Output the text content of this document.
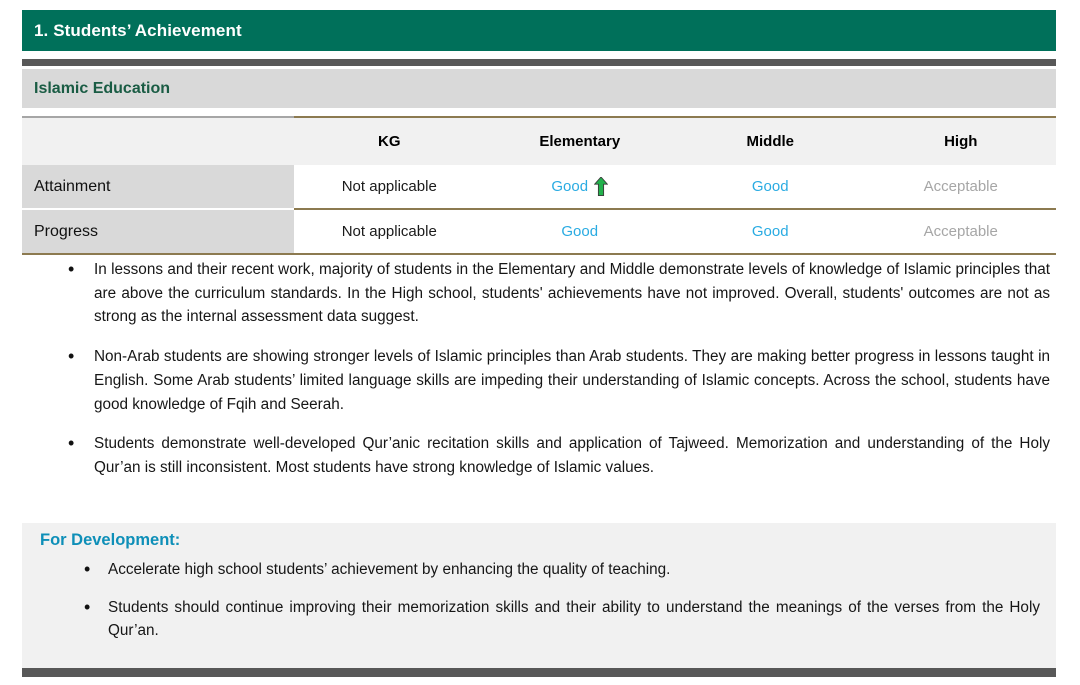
1. Students’ Achievement
Islamic Education
	KG	Elementary	Middle	High
Attainment	Not applicable	Good	Good	Acceptable

Progress	Not applicable	Good	Good	Acceptable
• In lessons and their recent work, majority of students in the Elementary and Middle demonstrate levels of knowledge of Islamic principles that are above the curriculum standards. In the High school, students' achievements have not improved. Overall, students' outcomes are not as strong as the internal assessment data suggest.
• Non-Arab students are showing stronger levels of Islamic principles than Arab students. They are making better progress in lessons taught in English. Some Arab students’ limited language skills are impeding their understanding of Islamic concepts. Across the school, students have good knowledge of Fqih and Seerah.
• Students demonstrate well-developed Qur’anic recitation skills and application of Tajweed. Memorization and understanding of the Holy Qur’an is still inconsistent. Most students have strong knowledge of Islamic values.
For Development:
• Accelerate high school students’ achievement by enhancing the quality of teaching.
• Students should continue improving their memorization skills and their ability to understand the meanings of the verses from the Holy Qur’an.
